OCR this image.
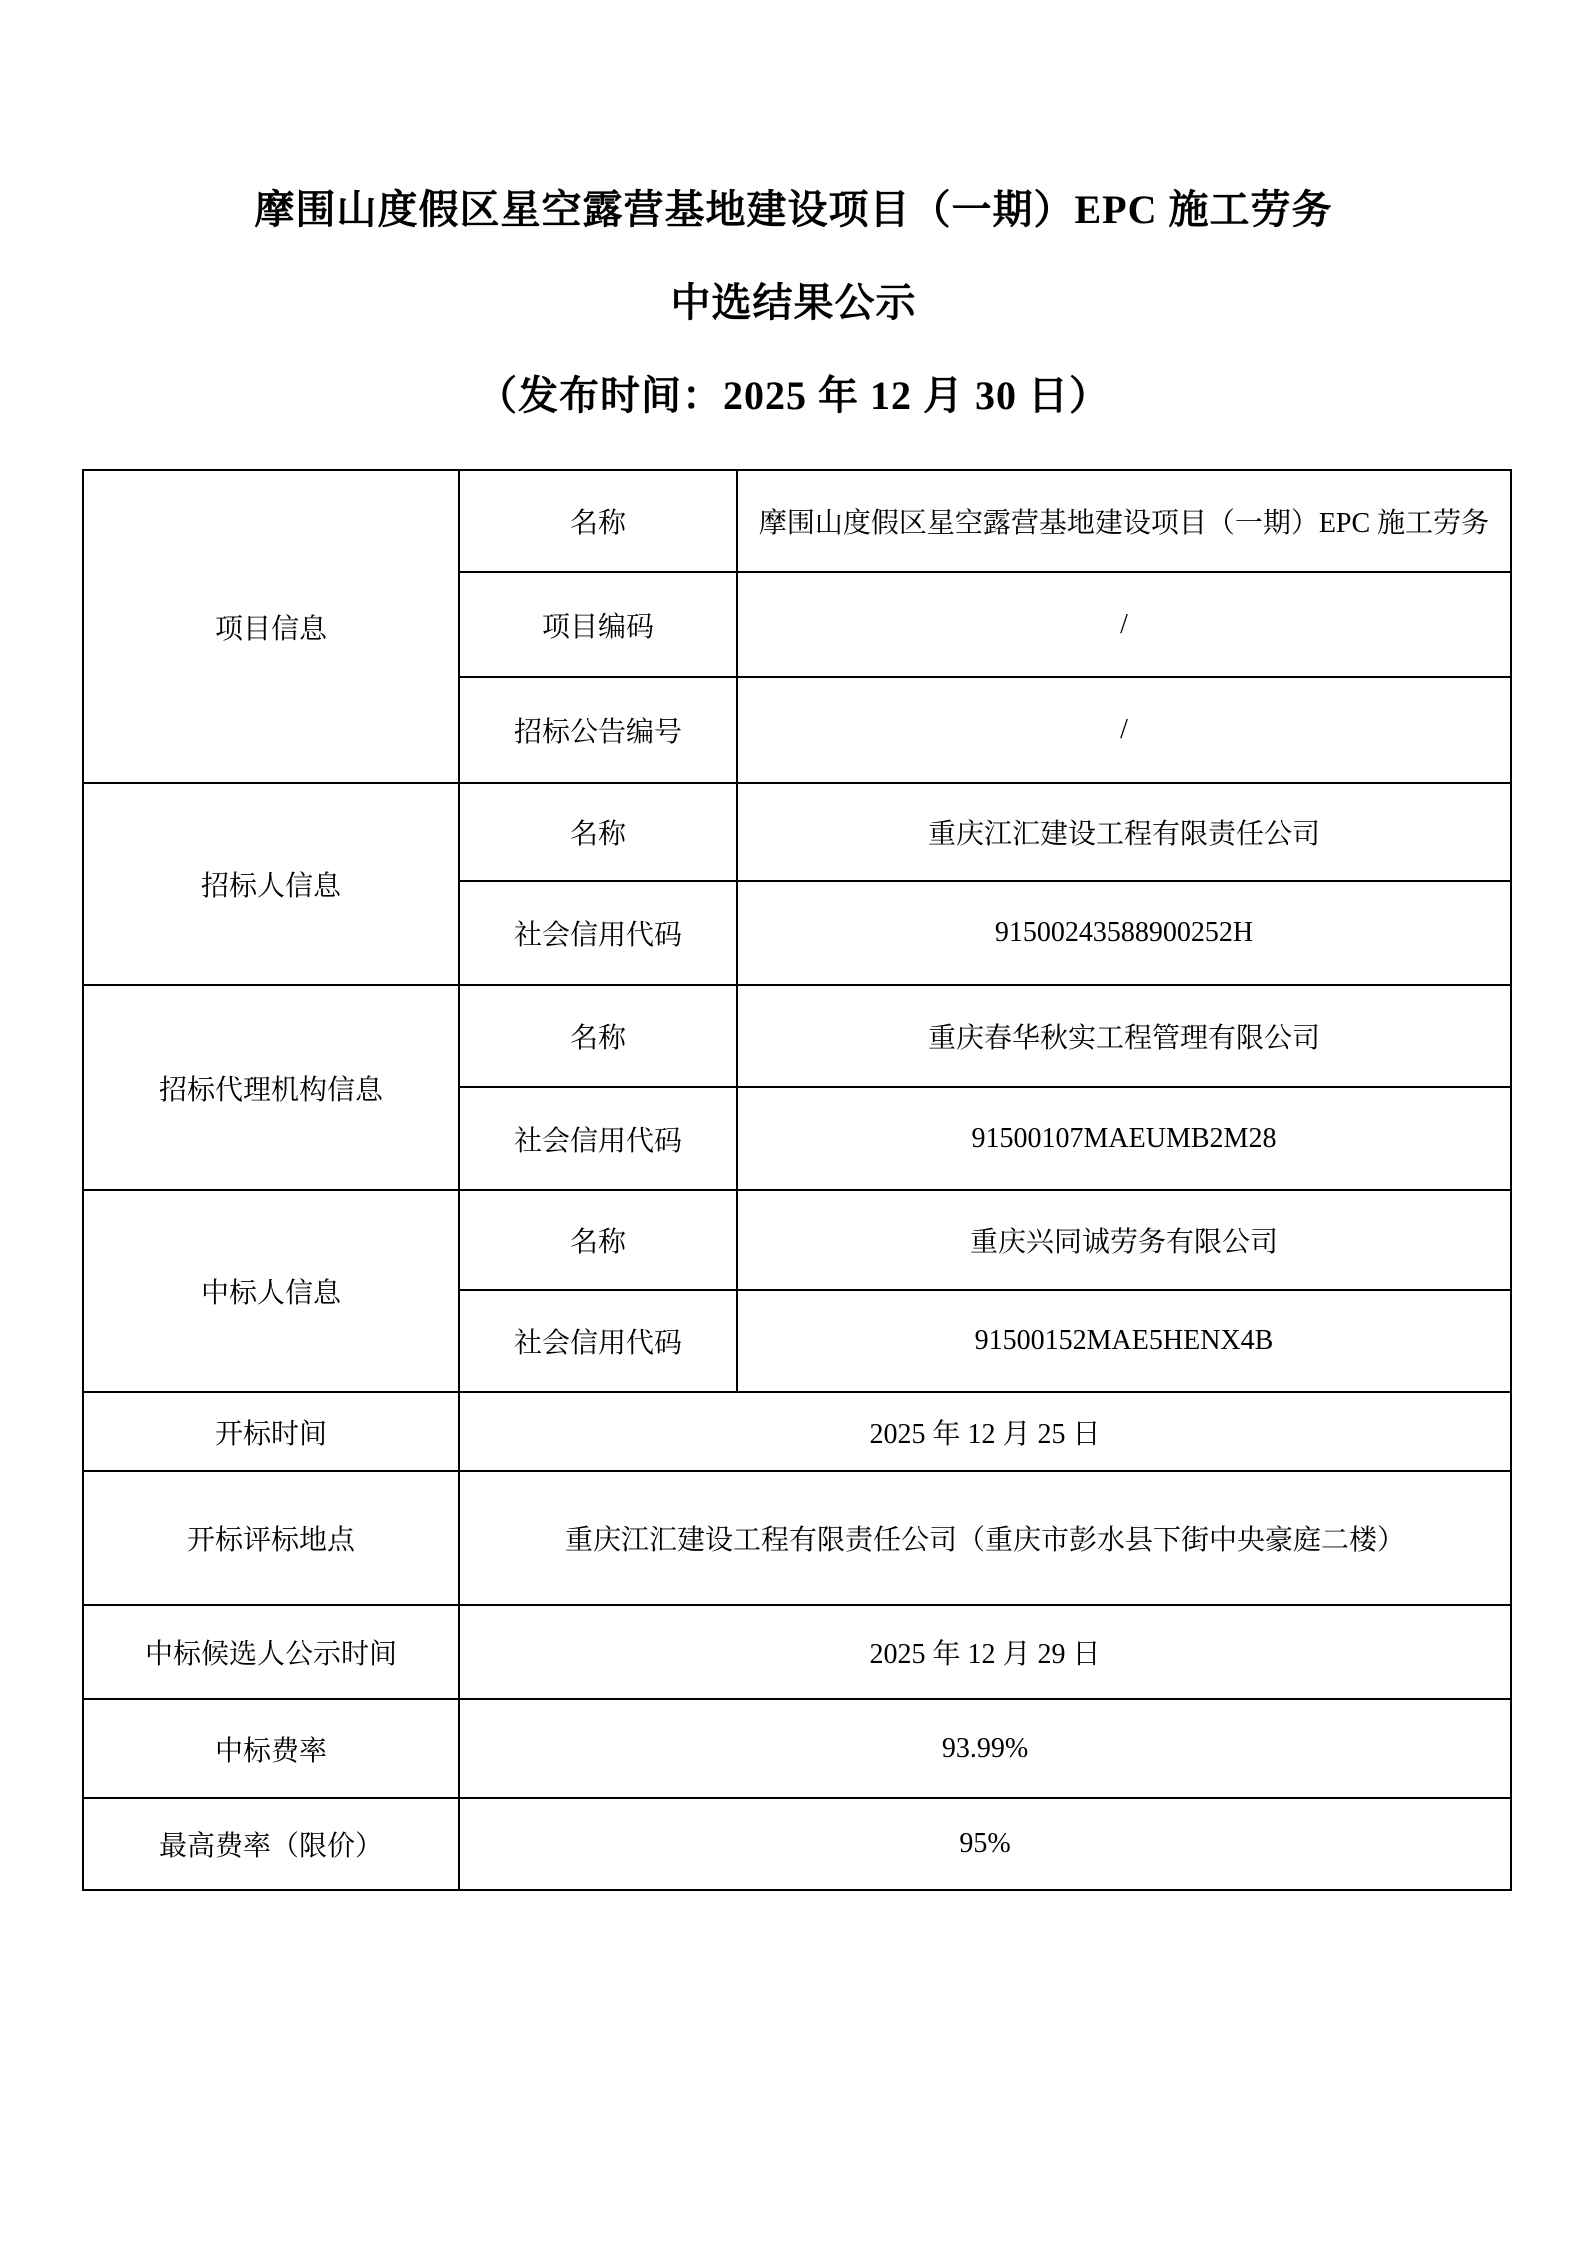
摩围山度假区星空露营基地建设项目（一期）EPC 施工劳务

中选结果公示

（发布时间：2025 年 12 月 30 日）

项目信息	名称	摩围山度假区星空露营基地建设项目（一期）EPC 施工劳务
	项目编码	/
	招标公告编号	/
招标人信息	名称	重庆江汇建设工程有限责任公司
	社会信用代码	91500243588900252H
招标代理机构信息	名称	重庆春华秋实工程管理有限公司
	社会信用代码	91500107MAEUMB2M28
中标人信息	名称	重庆兴同诚劳务有限公司
	社会信用代码	91500152MAE5HENX4B
开标时间	2025 年 12 月 25 日	
开标评标地点	重庆江汇建设工程有限责任公司（重庆市彭水县下街中央豪庭二楼）	
中标候选人公示时间	2025 年 12 月 29 日	
中标费率	93.99%	
最高费率（限价）	95%	
